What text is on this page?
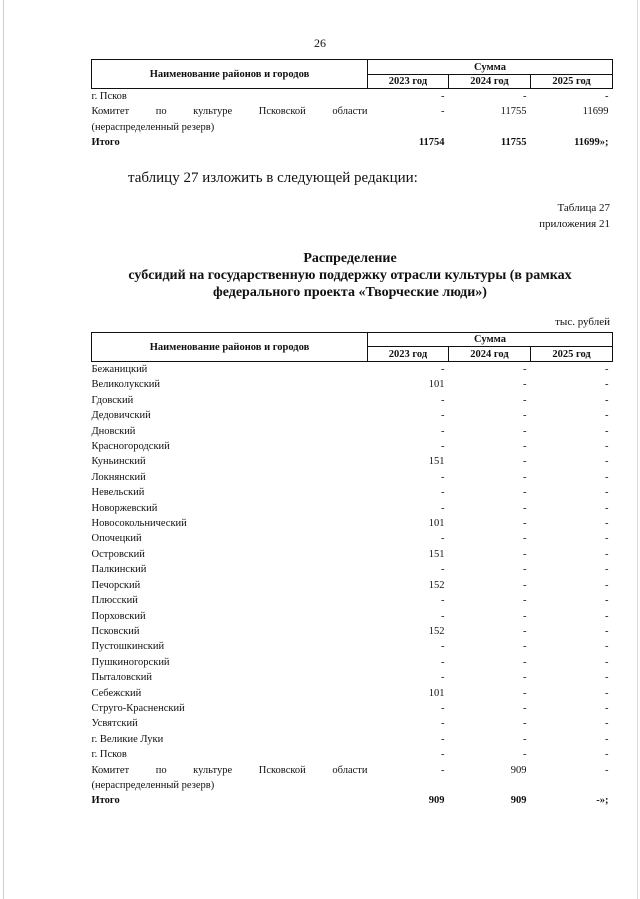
26
Наименование районов и городов	Сумма		
	2023 год	2024 год	2025 год
г. Псков	-	-	-

Комитет по культуре Псковской области
(нераспределенный резерв)	-	11755	11699
Итого	11754	11755	11699»;
таблицу 27 изложить в следующей редакции:
Таблица 27
приложения 21
Распределение
субсидий на государственную поддержку отрасли культуры (в рамках
федерального проекта «Творческие люди»)
тыс. рублей
Наименование районов и городов	Сумма		
	2023 год	2024 год	2025 год
Бежаницкий	-	-	-
Великолукский	101	-	-
Гдовский	-	-	-
Дедовичский	-	-	-
Дновский	-	-	-
Красногородский	-	-	-
Куньинский	151	-	-
Локнянский	-	-	-
Невельский	-	-	-
Новоржевский	-	-	-
Новосокольнический	101	-	-
Опочецкий	-	-	-
Островский	151	-	-
Палкинский	-	-	-
Печорский	152	-	-
Плюсский	-	-	-
Порховский	-	-	-
Псковский	152	-	-
Пустошкинский	-	-	-
Пушкиногорский	-	-	-
Пыталовский	-	-	-
Себежский	101	-	-
Струго-Красненский	-	-	-
Усвятский	-	-	-
г. Великие Луки	-	-	-
г. Псков	-	-	-

Комитет по культуре Псковской области
(нераспределенный резерв)	-	909	-
Итого	909	909	-»;
